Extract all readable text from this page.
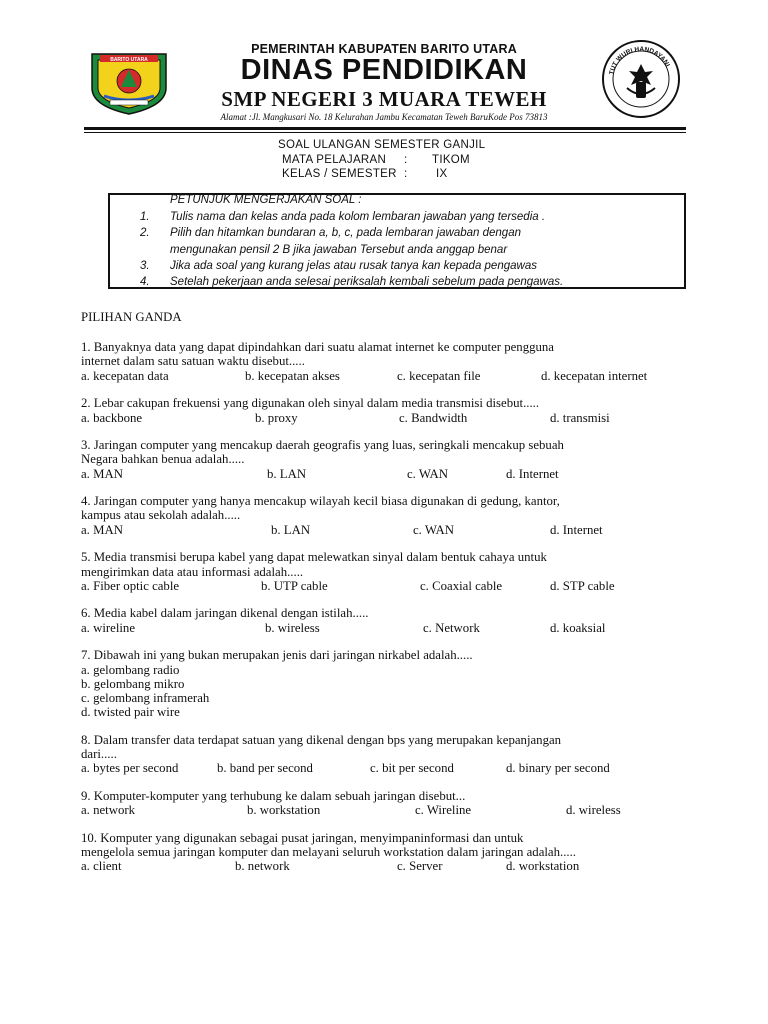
BARITO UTARA
TUT WURI HANDAYANI
PEMERINTAH KABUPATEN BARITO UTARA
DINAS PENDIDIKAN
SMP NEGERI 3 MUARA TEWEH
Alamat :Jl. Mangkusari No. 18 Kelurahan Jambu Kecamatan Teweh BaruKode Pos 73813
SOAL ULANGAN SEMESTER GANJIL
MATA PELAJARAN : TIKOM
KELAS / SEMESTER : IX
PETUNJUK MENGERJAKAN SOAL :
1.	Tulis nama dan kelas anda pada kolom lembaran jawaban yang tersedia .
2.	Pilih dan hitamkan bundaran a, b, c, pada lembaran jawaban dengan
mengunakan pensil 2 B jika jawaban Tersebut anda anggap benar
3.	Jika ada soal yang kurang jelas atau rusak tanya kan kepada pengawas
4.	Setelah pekerjaan anda selesai periksalah kembali sebelum pada pengawas.
PILIHAN GANDA
1. Banyaknya data yang dapat dipindahkan dari suatu alamat internet ke computer pengguna
internet dalam satu satuan waktu disebut.....
a. kecepatan data	b. kecepatan akses	c. kecepatan file	d. kecepatan internet
2. Lebar cakupan frekuensi yang digunakan oleh sinyal dalam media transmisi disebut.....
a. backbone	b. proxy	c. Bandwidth	d. transmisi
3. Jaringan computer yang mencakup daerah geografis yang luas, seringkali mencakup sebuah
Negara bahkan benua adalah.....
a. MAN	b. LAN	c. WAN	d. Internet
4. Jaringan computer yang hanya mencakup wilayah kecil biasa digunakan di gedung, kantor,
kampus atau sekolah adalah.....
a. MAN	b. LAN	c. WAN	d. Internet
5. Media transmisi berupa kabel yang dapat melewatkan sinyal dalam bentuk cahaya untuk
mengirimkan data atau informasi adalah.....
a. Fiber optic cable	b. UTP cable	c. Coaxial cable	d. STP cable
6. Media kabel dalam jaringan dikenal dengan istilah.....
a. wireline	b. wireless	c. Network	d. koaksial
7. Dibawah ini yang bukan merupakan jenis dari jaringan nirkabel adalah.....
a. gelombang radio
b. gelombang mikro
c. gelombang inframerah
d. twisted pair wire
8. Dalam transfer data terdapat satuan yang dikenal dengan bps yang merupakan kepanjangan
dari.....
a. bytes per second	b. band per second	c. bit per second	d. binary per second
9. Komputer-komputer yang terhubung ke dalam sebuah jaringan disebut...
a. network	b. workstation	c. Wireline	d. wireless
10. Komputer yang digunakan sebagai pusat jaringan, menyimpaninformasi dan untuk
mengelola semua jaringan komputer dan melayani seluruh workstation dalam jaringan adalah.....
a. client	b. network	c. Server	d. workstation
